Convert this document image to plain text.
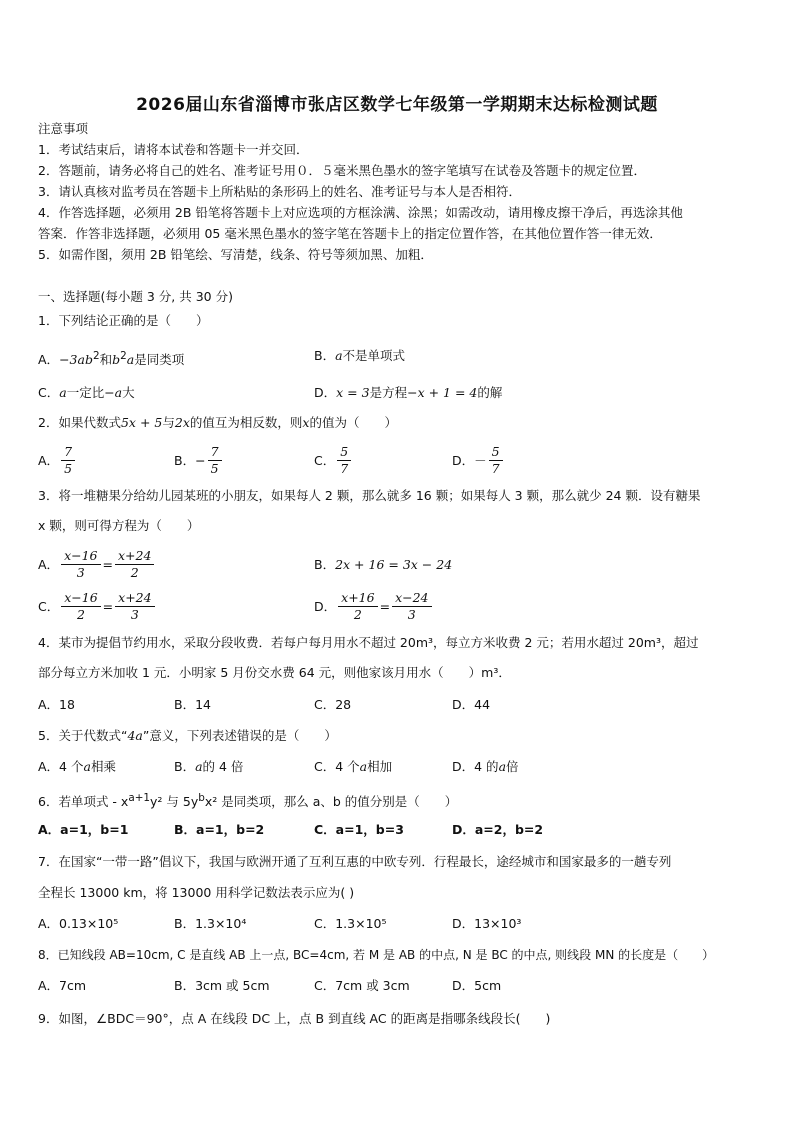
2026届山东省淄博市张店区数学七年级第一学期期末达标检测试题
注意事项
1．考试结束后，请将本试卷和答题卡一并交回．
2．答题前，请务必将自己的姓名、准考证号用０．５毫米黑色墨水的签字笔填写在试卷及答题卡的规定位置．
3．请认真核对监考员在答题卡上所粘贴的条形码上的姓名、准考证号与本人是否相符．
4．作答选择题，必须用 2B 铅笔将答题卡上对应选项的方框涂满、涂黑；如需改动，请用橡皮擦干净后，再选涂其他
答案．作答非选择题，必须用 05 毫米黑色墨水的签字笔在答题卡上的指定位置作答，在其他位置作答一律无效．
5．如需作图，须用 2B 铅笔绘、写清楚，线条、符号等须加黑、加粗．
一、选择题(每小题 3 分, 共 30 分)
1．下列结论正确的是（　　）
A．$-3ab^2$和$b^2a$是同类项	B．a不是单项式
C．a一定比−a大	D．x = 3是方程−x + 1 = 4的解
2．如果代数式5x + 5与2x的值互为相反数，则x的值为（　　）
A． $\frac{7}{5}$	B． − $\frac{7}{5}$	C． $\frac{5}{7}$	D． － $\frac{5}{7}$
3．将一堆糖果分给幼儿园某班的小朋友，如果每人 2 颗，那么就多 16 颗；如果每人 3 颗，那么就少 24 颗．设有糖果
x 颗，则可得方程为（　　）
A． $\frac{x-16}{3} = \frac{x+24}{2}$	B． 2x + 16 = 3x − 24
C． $\frac{x-16}{2} = \frac{x+24}{3}$	D． $\frac{x+16}{2} = \frac{x-24}{3}$
4．某市为提倡节约用水，采取分段收费．若每户每月用水不超过 20m³，每立方米收费 2 元；若用水超过 20m³，超过
部分每立方米加收 1 元．小明家 5 月份交水费 64 元，则他家该月用水（　　）m³．
A．18	B．14	C．28	D．44
5．关于代数式“4a”意义，下列表述错误的是（　　）
A．4 个a相乘	B．a的 4 倍	C．4 个a相加	D．4 的a倍
6．若单项式 - $x^{a+1}y^2$ 与 $5y^bx^2$ 是同类项，那么 a、b 的值分别是（　　）
A．a=1，b=1	B．a=1，b=2	C．a=1，b=3	D．a=2，b=2
7．在国家“一带一路”倡议下，我国与欧洲开通了互利互惠的中欧专列．行程最长，途经城市和国家最多的一趟专列
全程长 13000 km，将 13000 用科学记数法表示应为( )
A．0.13×10⁵	B．1.3×10⁴	C．1.3×10⁵	D．13×10³
8．已知线段 AB=10cm, C 是直线 AB 上一点, BC=4cm, 若 M 是 AB 的中点, N 是 BC 的中点, 则线段 MN 的长度是（　　）
A．7cm	B．3cm 或 5cm	C．7cm 或 3cm	D．5cm
9．如图，∠BDC＝90°，点 A 在线段 DC 上，点 B 到直线 AC 的距离是指哪条线段长(　　)
